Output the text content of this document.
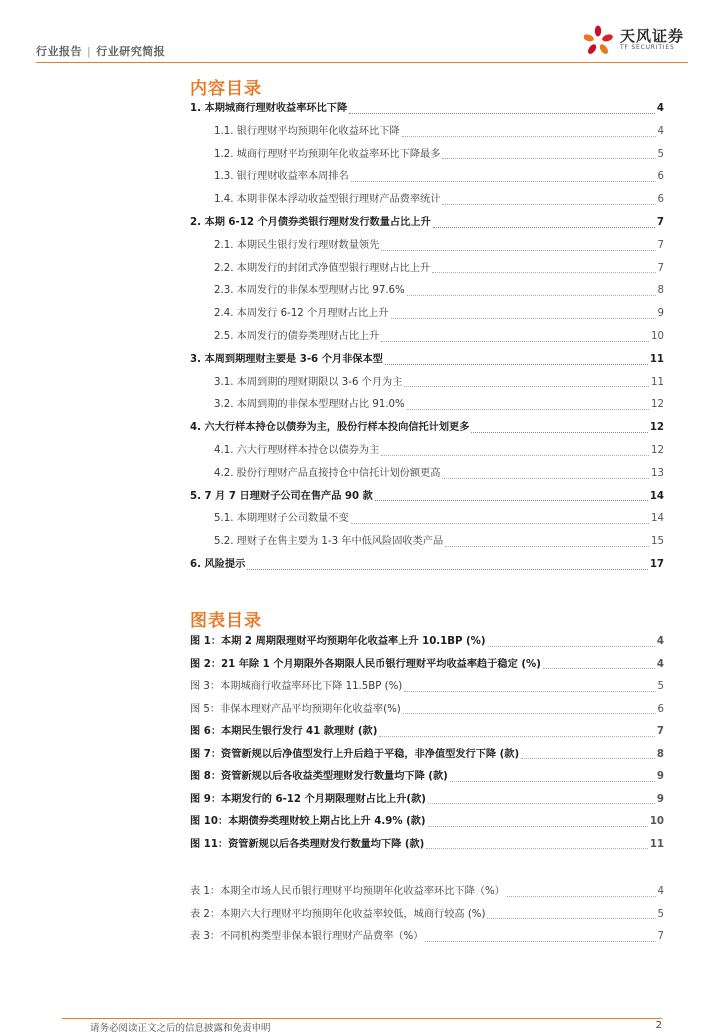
行业报告 | 行业研究简报
天风证券
TF SECURITIES
内容目录
1. 本期城商行理财收益率环比下降	4
1.1. 银行理财平均预期年化收益环比下降	4
1.2. 城商行理财平均预期年化收益率环比下降最多	5
1.3. 银行理财收益率本周排名	6
1.4. 本期非保本浮动收益型银行理财产品费率统计	6
2. 本期 6-12 个月债券类银行理财发行数量占比上升	7
2.1. 本期民生银行发行理财数量领先	7
2.2. 本期发行的封闭式净值型银行理财占比上升	7
2.3. 本周发行的非保本型理财占比 97.6%	8
2.4. 本周发行 6-12 个月理财占比上升	9
2.5. 本周发行的债券类理财占比上升	10
3. 本周到期理财主要是 3-6 个月非保本型	11
3.1. 本周到期的理财期限以 3-6 个月为主	11
3.2. 本周到期的非保本型理财占比 91.0%	12
4. 六大行样本持仓以债券为主，股份行样本投向信托计划更多	12
4.1. 六大行理财样本持仓以债券为主	12
4.2. 股份行理财产品直接持仓中信托计划份额更高	13
5. 7 月 7 日理财子公司在售产品 90 款	14
5.1. 本期理财子公司数量不变	14
5.2. 理财子在售主要为 1-3 年中低风险固收类产品	15
6. 风险提示	17
图表目录
图 1：本期 2 周期限理财平均预期年化收益率上升 10.1BP (%)	4
图 2：21 年除 1 个月期限外各期限人民币银行理财平均收益率趋于稳定 (%)	4
图 3：本期城商行收益率环比下降 11.5BP (%)	5
图 5：非保本理财产品平均预期年化收益率(%)	6
图 6：本期民生银行发行 41 款理财 (款)	7
图 7：资管新规以后净值型发行上升后趋于平稳，非净值型发行下降 (款)	8
图 8：资管新规以后各收益类型理财发行数量均下降 (款)	9
图 9：本期发行的 6-12 个月期限理财占比上升(款)	9
图 10：本期债券类理财较上期占比上升 4.9% (款)	10
图 11：资管新规以后各类理财发行数量均下降 (款)	11
表 1：本期全市场人民币银行理财平均预期年化收益率环比下降（%）	4
表 2：本期六大行理财平均预期年化收益率较低，城商行较高 (%)	5
表 3：不同机构类型非保本银行理财产品费率（%）	7
请务必阅读正文之后的信息披露和免责申明	2
